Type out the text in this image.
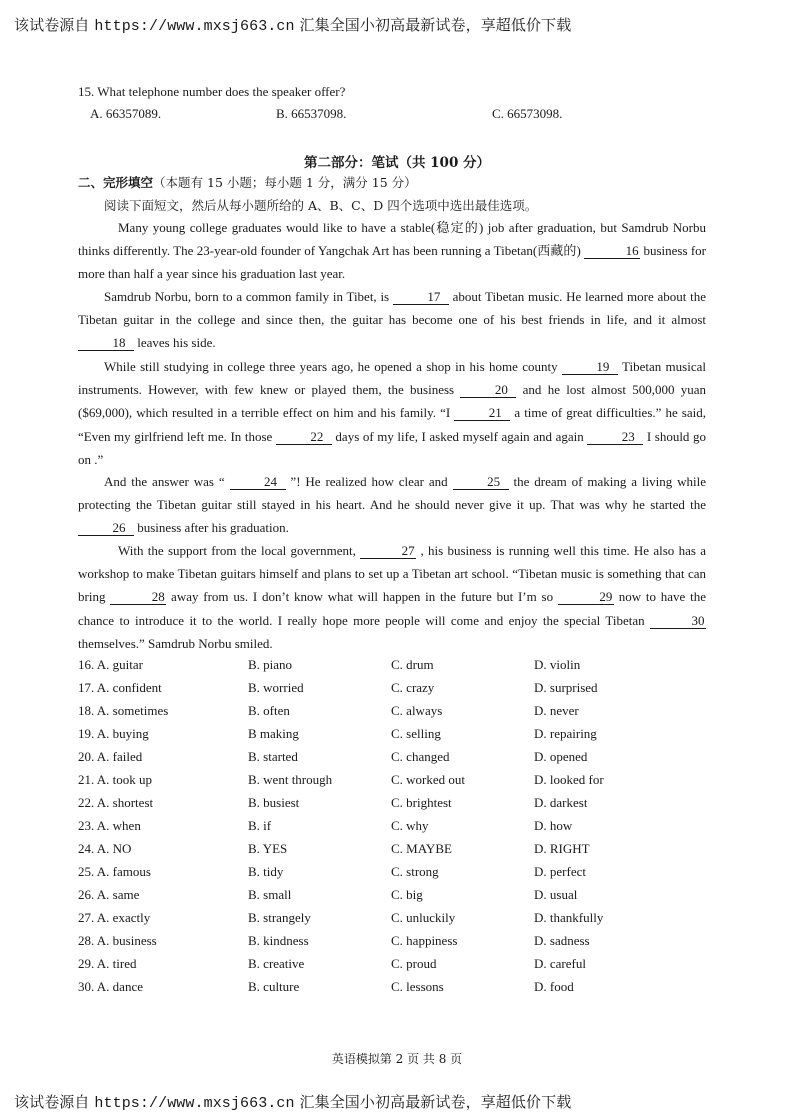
该试卷源自 https://www.mxsj663.cn 汇集全国小初高最新试卷，享超低价下载
15. What telephone number does the speaker offer?
A. 66357089.	B. 66537098.	C. 66573098.
第二部分：笔试（共 100 分）
二、完形填空（本题有 15 小题；每小题 1 分，满分 15 分）
阅读下面短文，然后从每小题所给的 A、B、C、D 四个选项中选出最佳选项。
Many young college graduates would like to have a stable(稳定的) job after graduation, but Samdrub Norbu thinks differently. The 23-year-old founder of Yangchak Art has been running a Tibetan(西藏的)	16 business for more than half a year since his graduation last year.
Samdrub Norbu, born to a common family in Tibet, is	17 about Tibetan music. He learned more about the Tibetan guitar in the college and since then, the guitar has become one of his best friends in life, and it almost 18 leaves his side.
While still studying in college three years ago, he opened a shop in his home county	19 Tibetan musical instruments. However, with few knew or played them, the business	20 and he lost almost 500,000 yuan ($69,000), which resulted in a terrible effect on him and his family. “I	21 a time of great difficulties.” he said, “Even my girlfriend left me. In those	22 days of my life, I asked myself again and again	23 I should go on .”
And the answer was “	24 ”! He realized how clear and	25 the dream of making a living while protecting the Tibetan guitar still stayed in his heart. And he should never give it up. That was why he started the 26 business after his graduation.
With the support from the local government,	27 , his business is running well this time. He also has a workshop to make Tibetan guitars himself and plans to set up a Tibetan art school. “Tibetan music is something that can bring	28 away from us. I don’t know what will happen in the future but I’m so	29 now to have the chance to introduce it to the world. I really hope more people will come and enjoy the special Tibetan	30 themselves.” Samdrub Norbu smiled.
16. A. guitar	B. piano	C. drum	D. violin
17. A. confident	B. worried	C. crazy	D. surprised
18. A. sometimes	B. often	C. always	D. never
19. A. buying	B making	C. selling	D. repairing
20. A. failed	B. started	C. changed	D. opened
21. A. took up	B. went through	C. worked out	D. looked for
22. A. shortest	B. busiest	C. brightest	D. darkest
23. A. when	B. if	C. why	D. how
24. A. NO	B. YES	C. MAYBE	D. RIGHT
25. A. famous	B. tidy	C. strong	D. perfect
26. A. same	B. small	C. big	D. usual
27. A. exactly	B. strangely	C. unluckily	D. thankfully
28. A. business	B. kindness	C. happiness	D. sadness
29. A. tired	B. creative	C. proud	D. careful
30. A. dance	B. culture	C. lessons	D. food
英语模拟第 2 页 共 8 页
该试卷源自 https://www.mxsj663.cn 汇集全国小初高最新试卷，享超低价下载
